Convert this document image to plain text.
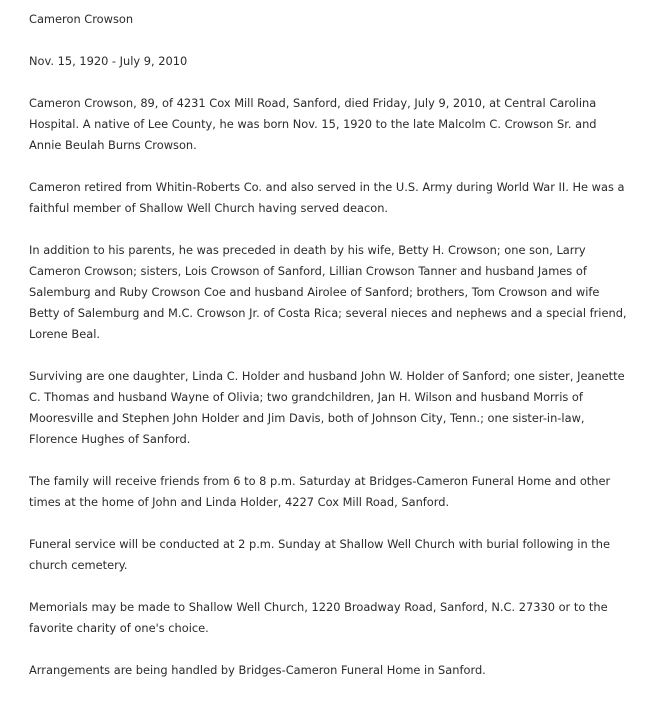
Cameron Crowson

Nov. 15, 1920 - July 9, 2010

Cameron Crowson, 89, of 4231 Cox Mill Road, Sanford, died Friday, July 9, 2010, at Central Carolina Hospital. A native of Lee County, he was born Nov. 15, 1920 to the late Malcolm C. Crowson Sr. and Annie Beulah Burns Crowson.

Cameron retired from Whitin-Roberts Co. and also served in the U.S. Army during World War II. He was a faithful member of Shallow Well Church having served deacon.

In addition to his parents, he was preceded in death by his wife, Betty H. Crowson; one son, Larry Cameron Crowson; sisters, Lois Crowson of Sanford, Lillian Crowson Tanner and husband James of Salemburg and Ruby Crowson Coe and husband Airolee of Sanford; brothers, Tom Crowson and wife Betty of Salemburg and M.C. Crowson Jr. of Costa Rica; several nieces and nephews and a special friend, Lorene Beal.

Surviving are one daughter, Linda C. Holder and husband John W. Holder of Sanford; one sister, Jeanette C. Thomas and husband Wayne of Olivia; two grandchildren, Jan H. Wilson and husband Morris of Mooresville and Stephen John Holder and Jim Davis, both of Johnson City, Tenn.; one sister-in-law, Florence Hughes of Sanford.

The family will receive friends from 6 to 8 p.m. Saturday at Bridges-Cameron Funeral Home and other times at the home of John and Linda Holder, 4227 Cox Mill Road, Sanford.

Funeral service will be conducted at 2 p.m. Sunday at Shallow Well Church with burial following in the church cemetery.

Memorials may be made to Shallow Well Church, 1220 Broadway Road, Sanford, N.C. 27330 or to the favorite charity of one's choice.

Arrangements are being handled by Bridges-Cameron Funeral Home in Sanford.
